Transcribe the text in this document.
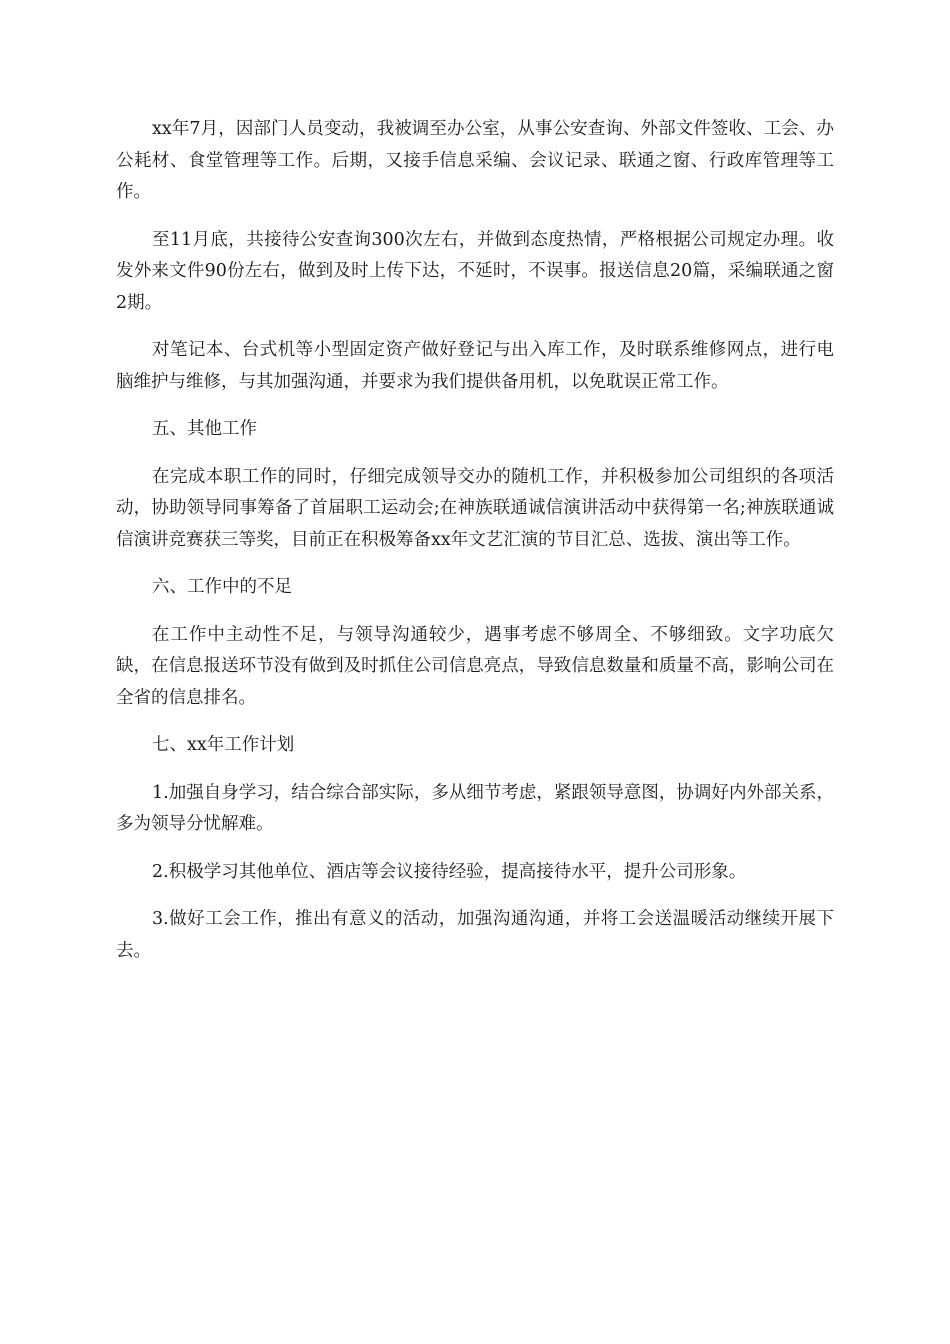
xx年7月，因部门人员变动，我被调至办公室，从事公安查询、外部文件签收、工会、办公耗材、食堂管理等工作。后期，又接手信息采编、会议记录、联通之窗、行政库管理等工作。

至11月底，共接待公安查询300次左右，并做到态度热情，严格根据公司规定办理。收发外来文件90份左右，做到及时上传下达，不延时，不误事。报送信息20篇，采编联通之窗2期。

对笔记本、台式机等小型固定资产做好登记与出入库工作，及时联系维修网点，进行电脑维护与维修，与其加强沟通，并要求为我们提供备用机，以免耽误正常工作。

五、其他工作

在完成本职工作的同时，仔细完成领导交办的随机工作，并积极参加公司组织的各项活动，协助领导同事筹备了首届职工运动会;在神族联通诚信演讲活动中获得第一名;神族联通诚信演讲竞赛获三等奖，目前正在积极筹备xx年文艺汇演的节目汇总、选拔、演出等工作。

六、工作中的不足

在工作中主动性不足，与领导沟通较少，遇事考虑不够周全、不够细致。文字功底欠缺，在信息报送环节没有做到及时抓住公司信息亮点，导致信息数量和质量不高，影响公司在全省的信息排名。

七、xx年工作计划

1.加强自身学习，结合综合部实际，多从细节考虑，紧跟领导意图，协调好内外部关系，多为领导分忧解难。

2.积极学习其他单位、酒店等会议接待经验，提高接待水平，提升公司形象。

3.做好工会工作，推出有意义的活动，加强沟通沟通，并将工会送温暖活动继续开展下去。
